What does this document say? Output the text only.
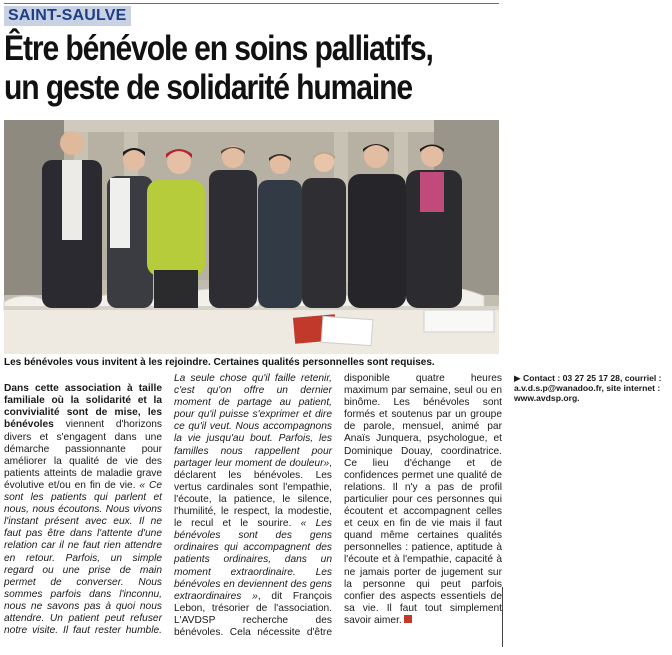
SAINT-SAULVE
Être bénévole en soins palliatifs,
un geste de solidarité humaine
Les bénévoles vous invitent à les rejoindre. Certaines qualités personnelles sont requises.

Dans cette association à taille familiale où la solidarité et la convivialité sont de mise, les bénévoles viennent d'horizons divers et s'engagent dans une démarche passionnante pour améliorer la qualité de vie des patients atteints de maladie grave évolutive et/ou en fin de vie. « Ce sont les patients qui parlent et nous, nous écoutons. Nous vivons l'instant présent avec eux. Il ne faut pas être dans l'attente d'une relation car il ne faut rien attendre en retour. Parfois, un simple regard ou une prise de main permet de converser. Nous sommes parfois dans l'inconnu, nous ne savons pas à quoi nous attendre. Un patient peut refuser notre visite. Il faut rester humble. La seule chose qu'il faille retenir, c'est qu'on offre un dernier moment de partage au patient, pour qu'il puisse s'exprimer et dire ce qu'il veut. Nous accompagnons la vie jusqu'au bout. Parfois, les familles nous rappellent pour partager leur moment de douleur», déclarent les bénévoles. Les vertus cardinales sont l'empathie, l'écoute, la patience, le silence, l'humilité, le respect, la modestie, le recul et le sourire. « Les bénévoles sont des gens ordinaires qui accompagnent des patients ordinaires, dans un moment extraordinaire. Les bénévoles en deviennent des gens extraordinaires », dit François Lebon, trésorier de l'association. L'AVDSP recherche des bénévoles. Cela nécessite d'être disponible quatre heures maximum par semaine, seul ou en binôme. Les bénévoles sont formés et soutenus par un groupe de parole, mensuel, animé par Anaïs Junquera, psychologue, et Dominique Douay, coordinatrice. Ce lieu d'échange et de confidences permet une qualité de relations. Il n'y a pas de profil particulier pour ces personnes qui écoutent et accompagnent celles et ceux en fin de vie mais il faut quand même certaines qualités personnelles : patience, aptitude à l'écoute et à l'empathie, capacité à ne jamais porter de jugement sur la personne qui peut parfois confier des aspects essentiels de sa vie. Il faut tout simplement savoir aimer.

▶ Contact : 03 27 25 17 28, courriel : a.v.d.s.p@wanadoo.fr, site internet : www.avdsp.org.
